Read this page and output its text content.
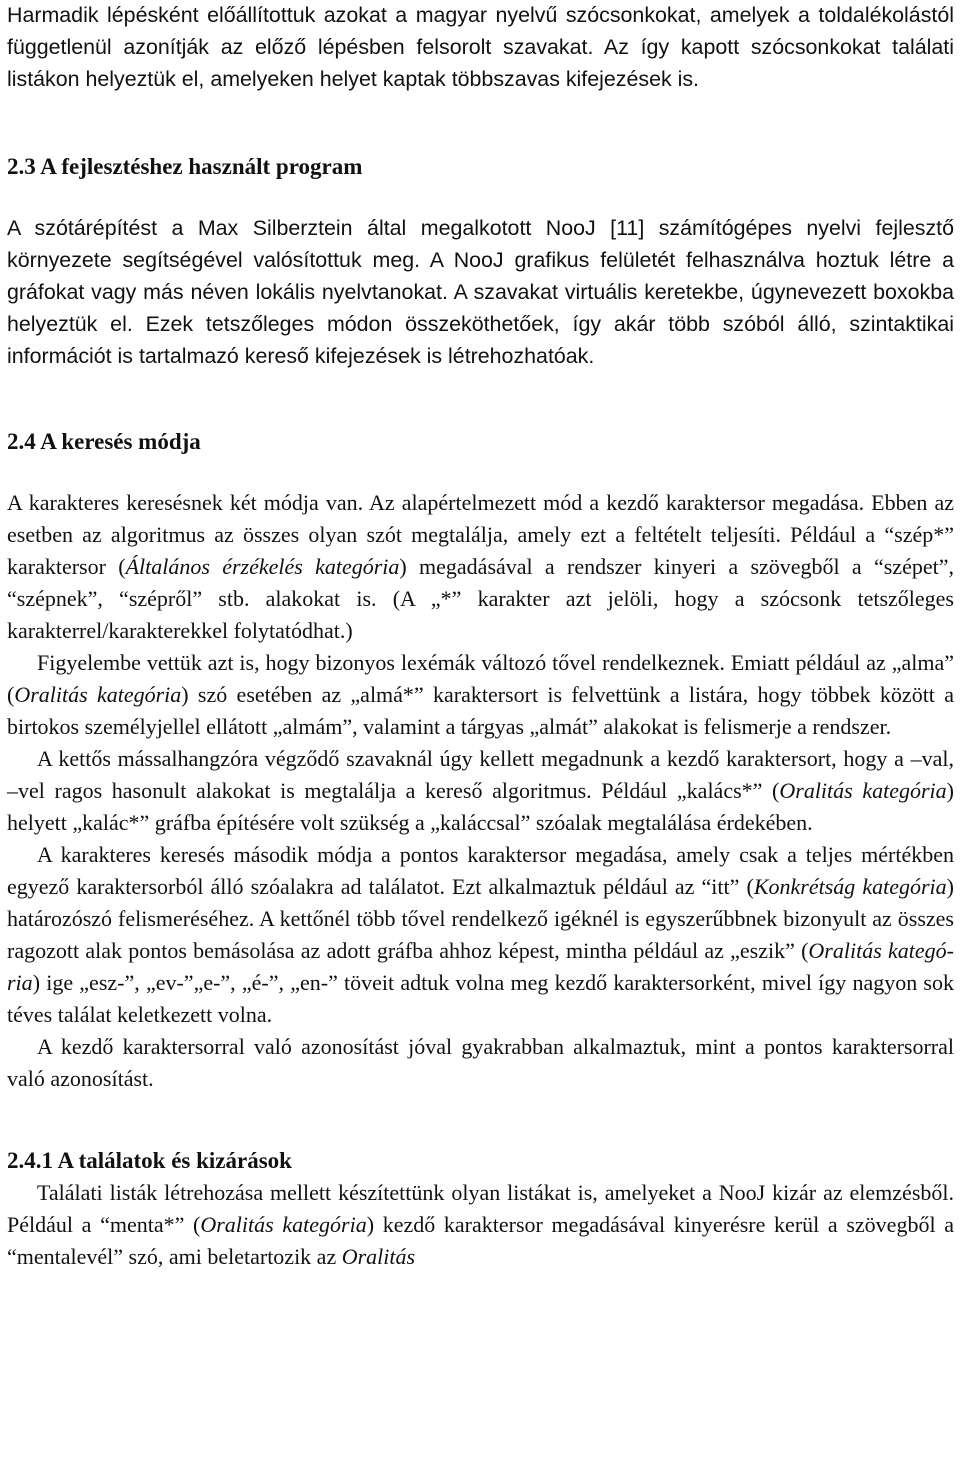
Harmadik lépésként előállítottuk azokat a magyar nyelvű szócsonkokat, amelyek a toldalékolástól függetlenül azonítják az előző lépésben felsorolt szavakat. Az így kapott szócsonkokat találati listákon helyeztük el, amelyeken helyet kaptak többszavas kifejezések is.

2.3 A fejlesztéshez használt program

A szótárépítést a Max Silberztein által megalkotott NooJ [11] számítógépes nyelvi fejlesztő környezete segítségével valósítottuk meg. A NooJ grafikus felületét felhasználva hoztuk létre a gráfokat vagy más néven lokális nyelvtanokat. A szavakat virtuális keretekbe, úgynevezett boxokba helyeztük el. Ezek tetszőleges módon összeköthetőek, így akár több szóból álló, szintaktikai információt is tartalmazó kereső kifejezések is létrehozhatóak.

2.4 A keresés módja

A karakteres keresésnek két módja van. Az alapértelmezett mód a kezdő karaktersor megadása. Ebben az esetben az algoritmus az összes olyan szót megtalálja, amely ezt a feltételt teljesíti. Például a “szép*” karaktersor (Általános érzékelés kategória) megadásával a rendszer kinyeri a szövegből a “szépet”, “szépnek”, “szépről” stb. alakokat is. (A „*” karakter azt jelöli, hogy a szócsonk tetszőleges karakterrel/karakterekkel folytatódhat.)

Figyelembe vettük azt is, hogy bizonyos lexémák változó tővel rendelkeznek. Emiatt például az „alma” (Oralitás kategória) szó esetében az „almá*” karaktersort is felvettünk a listára, hogy többek között a birtokos személyjellel ellátott „almám”, valamint a tárgyas „almát” alakokat is felismerje a rendszer.

A kettős mássalhangzóra végződő szavaknál úgy kellett megadnunk a kezdő karaktersort, hogy a –val, –vel ragos hasonult alakokat is megtalálja a kereső algoritmus. Például „kalács*” (Oralitás kategória) helyett „kalác*” gráfba építésére volt szükség a „kaláccsal” szóalak megtalálása érdekében.

A karakteres keresés második módja a pontos karaktersor megadása, amely csak a teljes mértékben egyező karaktersorból álló szóalakra ad találatot. Ezt alkalmaztuk például az “itt” (Konkrétság kategória) határozószó felismeréséhez. A kettőnél több tővel rendelkező igéknél is egyszerűbbnek bizonyult az összes ragozott alak pontos bemásolása az adott gráfba ahhoz képest, mintha például az „eszik” (Oralitás kategória) ige „esz-”, „ev-”„e-”, „é-”, „en-” töveit adtuk volna meg kezdő karaktersorként, mivel így nagyon sok téves találat keletkezett volna.

A kezdő karaktersorral való azonosítást jóval gyakrabban alkalmaztuk, mint a pontos karaktersorral való azonosítást.

2.4.1 A találatok és kizárások

Találati listák létrehozása mellett készítettünk olyan listákat is, amelyeket a NooJ kizár az elemzésből. Például a “menta*” (Oralitás kategória) kezdő karaktersor megadásával kinyerésre kerül a szövegből a “mentalevél” szó, ami beletartozik az Oralitás
